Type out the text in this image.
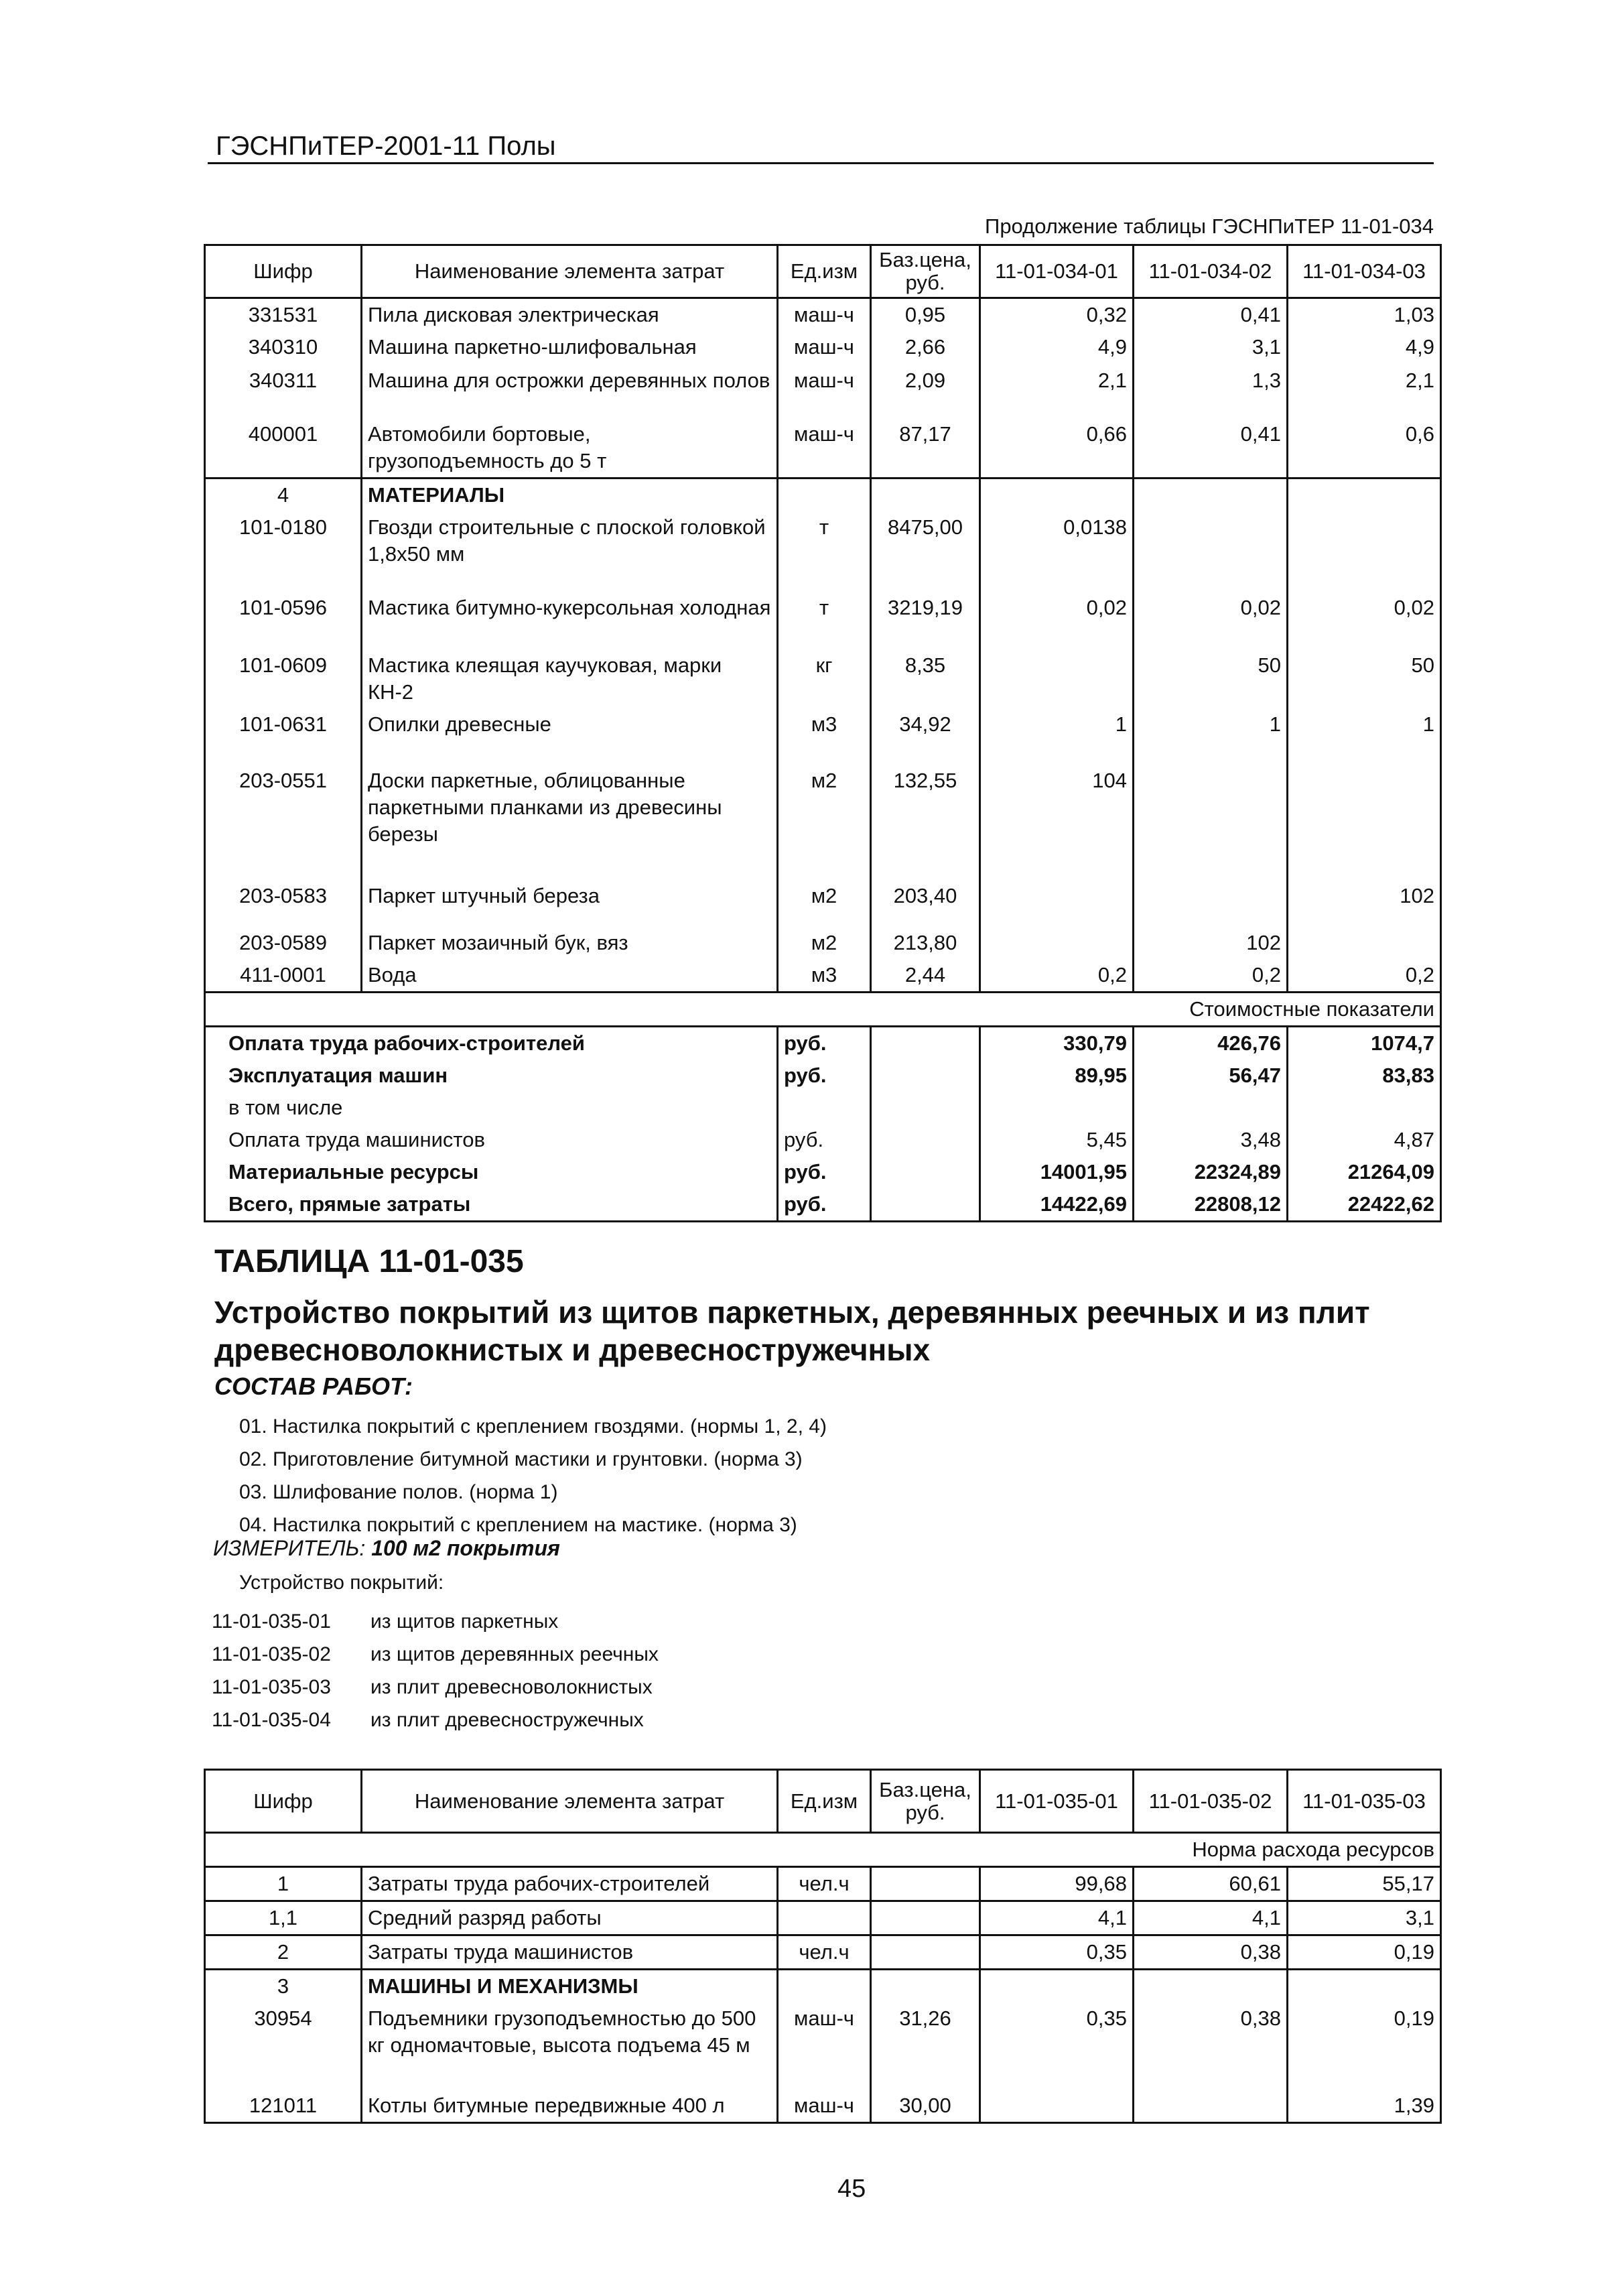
ГЭСНПиТЕР-2001-11 Полы
Продолжение таблицы ГЭСНПиТЕР 11-01-034
Шифр	Наименование элемента затрат	Ед.изм	Баз.цена, руб.	11-01-034-01	11-01-034-02	11-01-034-03
331531	Пила дисковая электрическая	маш-ч	0,95	0,32	0,41	1,03
340310	Машина паркетно-шлифовальная	маш-ч	2,66	4,9	3,1	4,9
340311	Машина для острожки деревянных полов	маш-ч	2,09	2,1	1,3	2,1
400001	Автомобили бортовые, грузоподъемность до 5 т	маш-ч	87,17	0,66	0,41	0,6
4	МАТЕРИАЛЫ					
101-0180	Гвозди строительные с плоской головкой 1,8х50 мм	т	8475,00	0,0138		
101-0596	Мастика битумно-кукерсольная холодная	т	3219,19	0,02	0,02	0,02
101-0609	Мастика клеящая каучуковая, марки КН-2	кг	8,35		50	50
101-0631	Опилки древесные	м3	34,92	1	1	1
203-0551	Доски паркетные, облицованные паркетными планками из древесины березы	м2	132,55	104		
203-0583	Паркет штучный береза	м2	203,40			102
203-0589	Паркет мозаичный бук, вяз	м2	213,80		102	
411-0001	Вода	м3	2,44	0,2	0,2	0,2
Стоимостные показатели						
Оплата труда рабочих-строителей		руб.		330,79	426,76	1074,7
Эксплуатация машин		руб.		89,95	56,47	83,83
в том числе						
Оплата труда машинистов		руб.		5,45	3,48	4,87
Материальные ресурсы		руб.		14001,95	22324,89	21264,09
Всего, прямые затраты		руб.		14422,69	22808,12	22422,62
ТАБЛИЦА 11-01-035
Устройство покрытий из щитов паркетных, деревянных реечных и из плит древесноволокнистых и древесностружечных
СОСТАВ РАБОТ:
01. Настилка покрытий с креплением гвоздями. (нормы 1, 2, 4)
02. Приготовление битумной мастики и грунтовки. (норма 3)
03. Шлифование полов. (норма 1)
04. Настилка покрытий с креплением на мастике. (норма 3)
ИЗМЕРИТЕЛЬ: 100 м2 покрытия
Устройство покрытий:
11-01-035-01 из щитов паркетных
11-01-035-02 из щитов деревянных реечных
11-01-035-03 из плит древесноволокнистых
11-01-035-04 из плит древесностружечных
Шифр	Наименование элемента затрат	Ед.изм	Баз.цена, руб.	11-01-035-01	11-01-035-02	11-01-035-03
Норма расхода ресурсов						
1	Затраты труда рабочих-строителей	чел.ч		99,68	60,61	55,17
1,1	Средний разряд работы			4,1	4,1	3,1
2	Затраты труда машинистов	чел.ч		0,35	0,38	0,19
3	МАШИНЫ И МЕХАНИЗМЫ					
30954	Подъемники грузоподъемностью до 500 кг одномачтовые, высота подъема 45 м	маш-ч	31,26	0,35	0,38	0,19
121011	Котлы битумные передвижные 400 л	маш-ч	30,00			1,39
45
